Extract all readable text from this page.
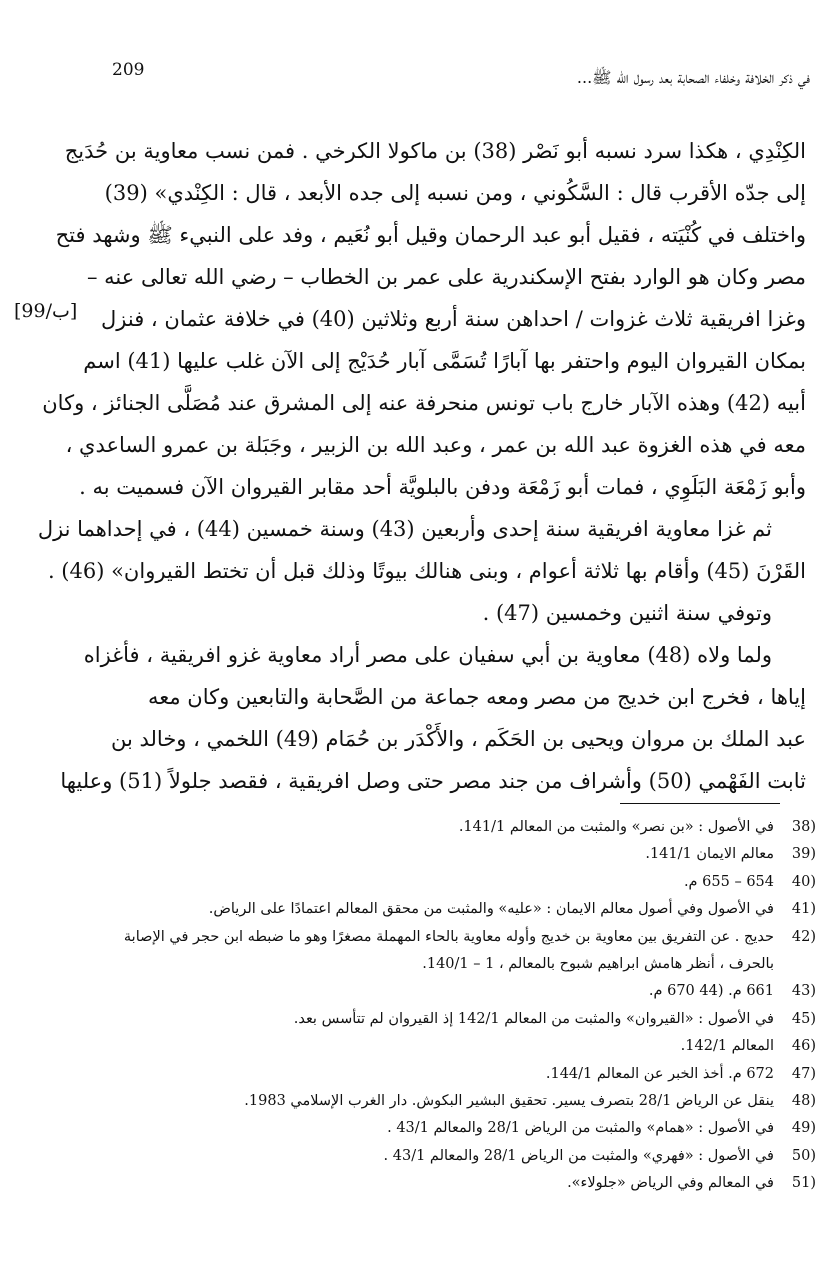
209	في ذكر الخلافة وخلفاء الصحابة بعد رسول الله ﷺ...
[99/ب]
الكِنْدِي ، هكذا سرد نسبه أبو نَصْر (38) بن ماكولا الكرخي . فمن نسب معاوية بن حُدَيج
إلى جدّه الأقرب قال : السَّكُوني ، ومن نسبه إلى جده الأبعد ، قال : الكِنْدي» (39)
واختلف في كُنْيَته ، فقيل أبو عبد الرحمان وقيل أبو نُعَيم ، وفد على النبيء ﷺ وشهد فتح
مصر وكان هو الوارد بفتح الإسكندرية على عمر بن الخطاب – رضي الله تعالى عنه –
وغزا افريقية ثلاث غزوات / احداهن سنة أربع وثلاثين (40) في خلافة عثمان ، فنزل
بمكان القيروان اليوم واحتفر بها آبارًا تُسَمَّى آبار حُدَيْج إلى الآن غلب عليها (41) اسم
أبيه (42) وهذه الآبار خارج باب تونس منحرفة عنه إلى المشرق عند مُصَلَّى الجنائز ، وكان
معه في هذه الغزوة عبد الله بن عمر ، وعبد الله بن الزبير ، وجَبَلة بن عمرو الساعدي ،
وأبو زَمْعَة البَلَوِي ، فمات أبو زَمْعَة ودفن بالبلويَّة أحد مقابر القيروان الآن فسميت به .
ثم غزا معاوية افريقية سنة إحدى وأربعين (43) وسنة خمسين (44) ، في إحداهما نزل
القَرْنَ (45) وأقام بها ثلاثة أعوام ، وبنى هنالك بيوتًا وذلك قبل أن تختط القيروان» (46) .
وتوفي سنة اثنين وخمسين (47) .
ولما ولاه (48) معاوية بن أبي سفيان على مصر أراد معاوية غزو افريقية ، فأغزاه
إياها ، فخرج ابن خديج من مصر ومعه جماعة من الصَّحابة والتابعين وكان معه
عبد الملك بن مروان ويحيى بن الحَكَم ، والأَكْدَر بن حُمَام (49) اللخمي ، وخالد بن
ثابت الفَهْمي (50) وأشراف من جند مصر حتى وصل افريقية ، فقصد جلولاً (51) وعليها
(38في الأصول : «بن نصر» والمثبت من المعالم 141/1.
(39معالم الايمان 141/1.
(40654 – 655 م.
(41في الأصول وفي أصول معالم الايمان : «عليه» والمثبت من محقق المعالم اعتمادًا على الرياض.
(42حديج . عن التفريق بين معاوية بن خديج وأوله معاوية بالحاء المهملة مصغرًا وهو ما ضبطه ابن حجر في الإصابة
بالحرف ، أنظر هامش ابراهيم شبوح بالمعالم ، 1 – 140/1.
(43661 م. (44 670 م.
(45في الأصول : «القيروان» والمثبت من المعالم 142/1 إذ القيروان لم تتأسس بعد.
(46المعالم 142/1.
(47672 م. أخذ الخبر عن المعالم 144/1.
(48ينقل عن الرياض 28/1 بتصرف يسير. تحقيق البشير البكوش. دار الغرب الإسلامي 1983.
(49في الأصول : «همام» والمثبت من الرياض 28/1 والمعالم 43/1 .
(50في الأصول : «فهري» والمثبت من الرياض 28/1 والمعالم 43/1 .
(51في المعالم وفي الرياض «جلولاء».
